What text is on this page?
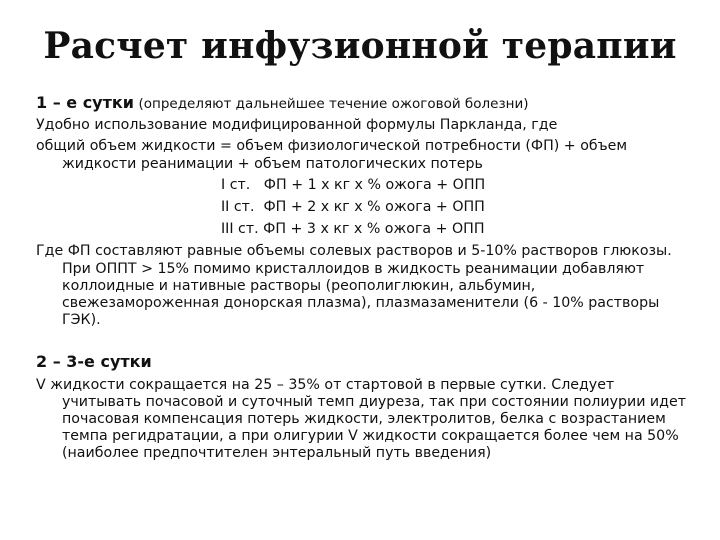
Расчет инфузионной терапии
1 – е сутки (определяют дальнейшее течение ожоговой болезни)
Удобно использование модифицированной формулы Паркланда, где
общий объем жидкости = объем физиологической потребности (ФП) + объем жидкости реанимации + объем патологических потерь
I ст.   ФП + 1 х кг х % ожога + ОПП
II ст.  ФП + 2 х кг х % ожога + ОПП
III ст. ФП + 3 х кг х % ожога + ОПП
Где ФП составляют равные объемы солевых растворов и 5-10% растворов глюкозы. При ОППТ > 15% помимо кристаллоидов в жидкость реанимации добавляют коллоидные и нативные растворы (реополиглюкин, альбумин, свежезамороженная донорская плазма), плазмазаменители (6 - 10% растворы ГЭК).
2 – 3-е сутки
V жидкости сокращается на 25 – 35% от стартовой в первые сутки. Следует учитывать почасовой и суточный темп диуреза, так при состоянии полиурии идет почасовая компенсация потерь жидкости, электролитов, белка с возрастанием темпа регидратации, а при олигурии V жидкости сокращается более чем на 50% (наиболее предпочтителен энтеральный путь введения)
